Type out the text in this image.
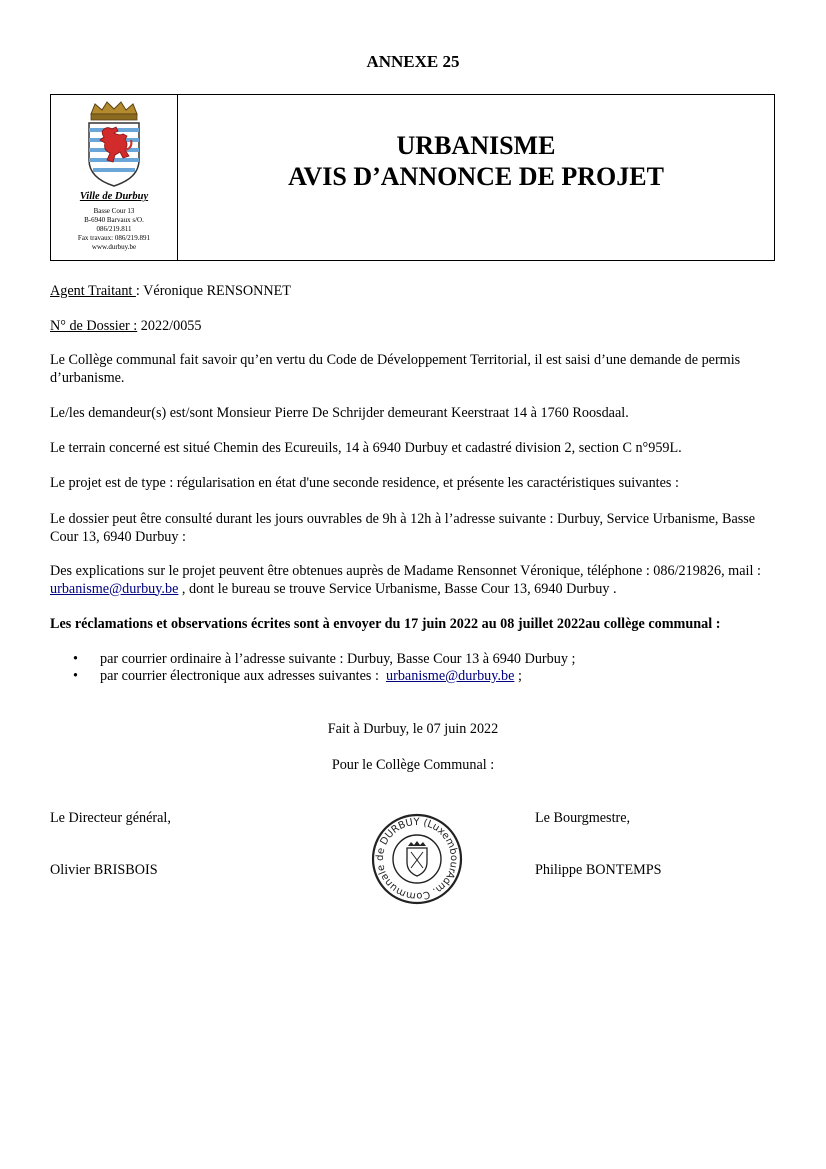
ANNEXE 25
Ville de Durbuy
Basse Cour 13
B-6940 Barvaux s/O.
086/219.811
Fax travaux: 086/219.891
www.durbuy.be
URBANISME
AVIS D’ANNONCE DE PROJET
Agent Traitant : Véronique RENSONNET
N° de Dossier : 2022/0055
Le Collège communal fait savoir qu’en vertu du Code de Développement Territorial, il est saisi d’une demande de permis d’urbanisme.
Le/les demandeur(s) est/sont Monsieur Pierre De Schrijder demeurant Keerstraat 14 à 1760 Roosdaal.
Le terrain concerné est situé Chemin des Ecureuils, 14 à 6940 Durbuy et cadastré division 2, section C n°959L.
Le projet est de type : régularisation en état d'une seconde residence, et présente les caractéristiques suivantes :
Le dossier peut être consulté durant les jours ouvrables de 9h à 12h à l’adresse suivante : Durbuy, Service Urbanisme, Basse Cour 13, 6940 Durbuy :
Des explications sur le projet peuvent être obtenues auprès de Madame Rensonnet Véronique, téléphone : 086/219826, mail : urbanisme@durbuy.be , dont le bureau se trouve Service Urbanisme, Basse Cour 13, 6940 Durbuy .
Les réclamations et observations écrites sont à envoyer du 17 juin 2022 au 08 juillet 2022au collège communal :
• par courrier ordinaire à l’adresse suivante : Durbuy, Basse Cour 13 à 6940 Durbuy ;
• par courrier électronique aux adresses suivantes :  urbanisme@durbuy.be ;
Fait à Durbuy, le 07 juin 2022
Pour le Collège Communal :
Le Directeur général,
Olivier BRISBOIS
Le Bourgmestre,
Philippe BONTEMPS
Adm. Communale de DURBUY (Luxembourg)
